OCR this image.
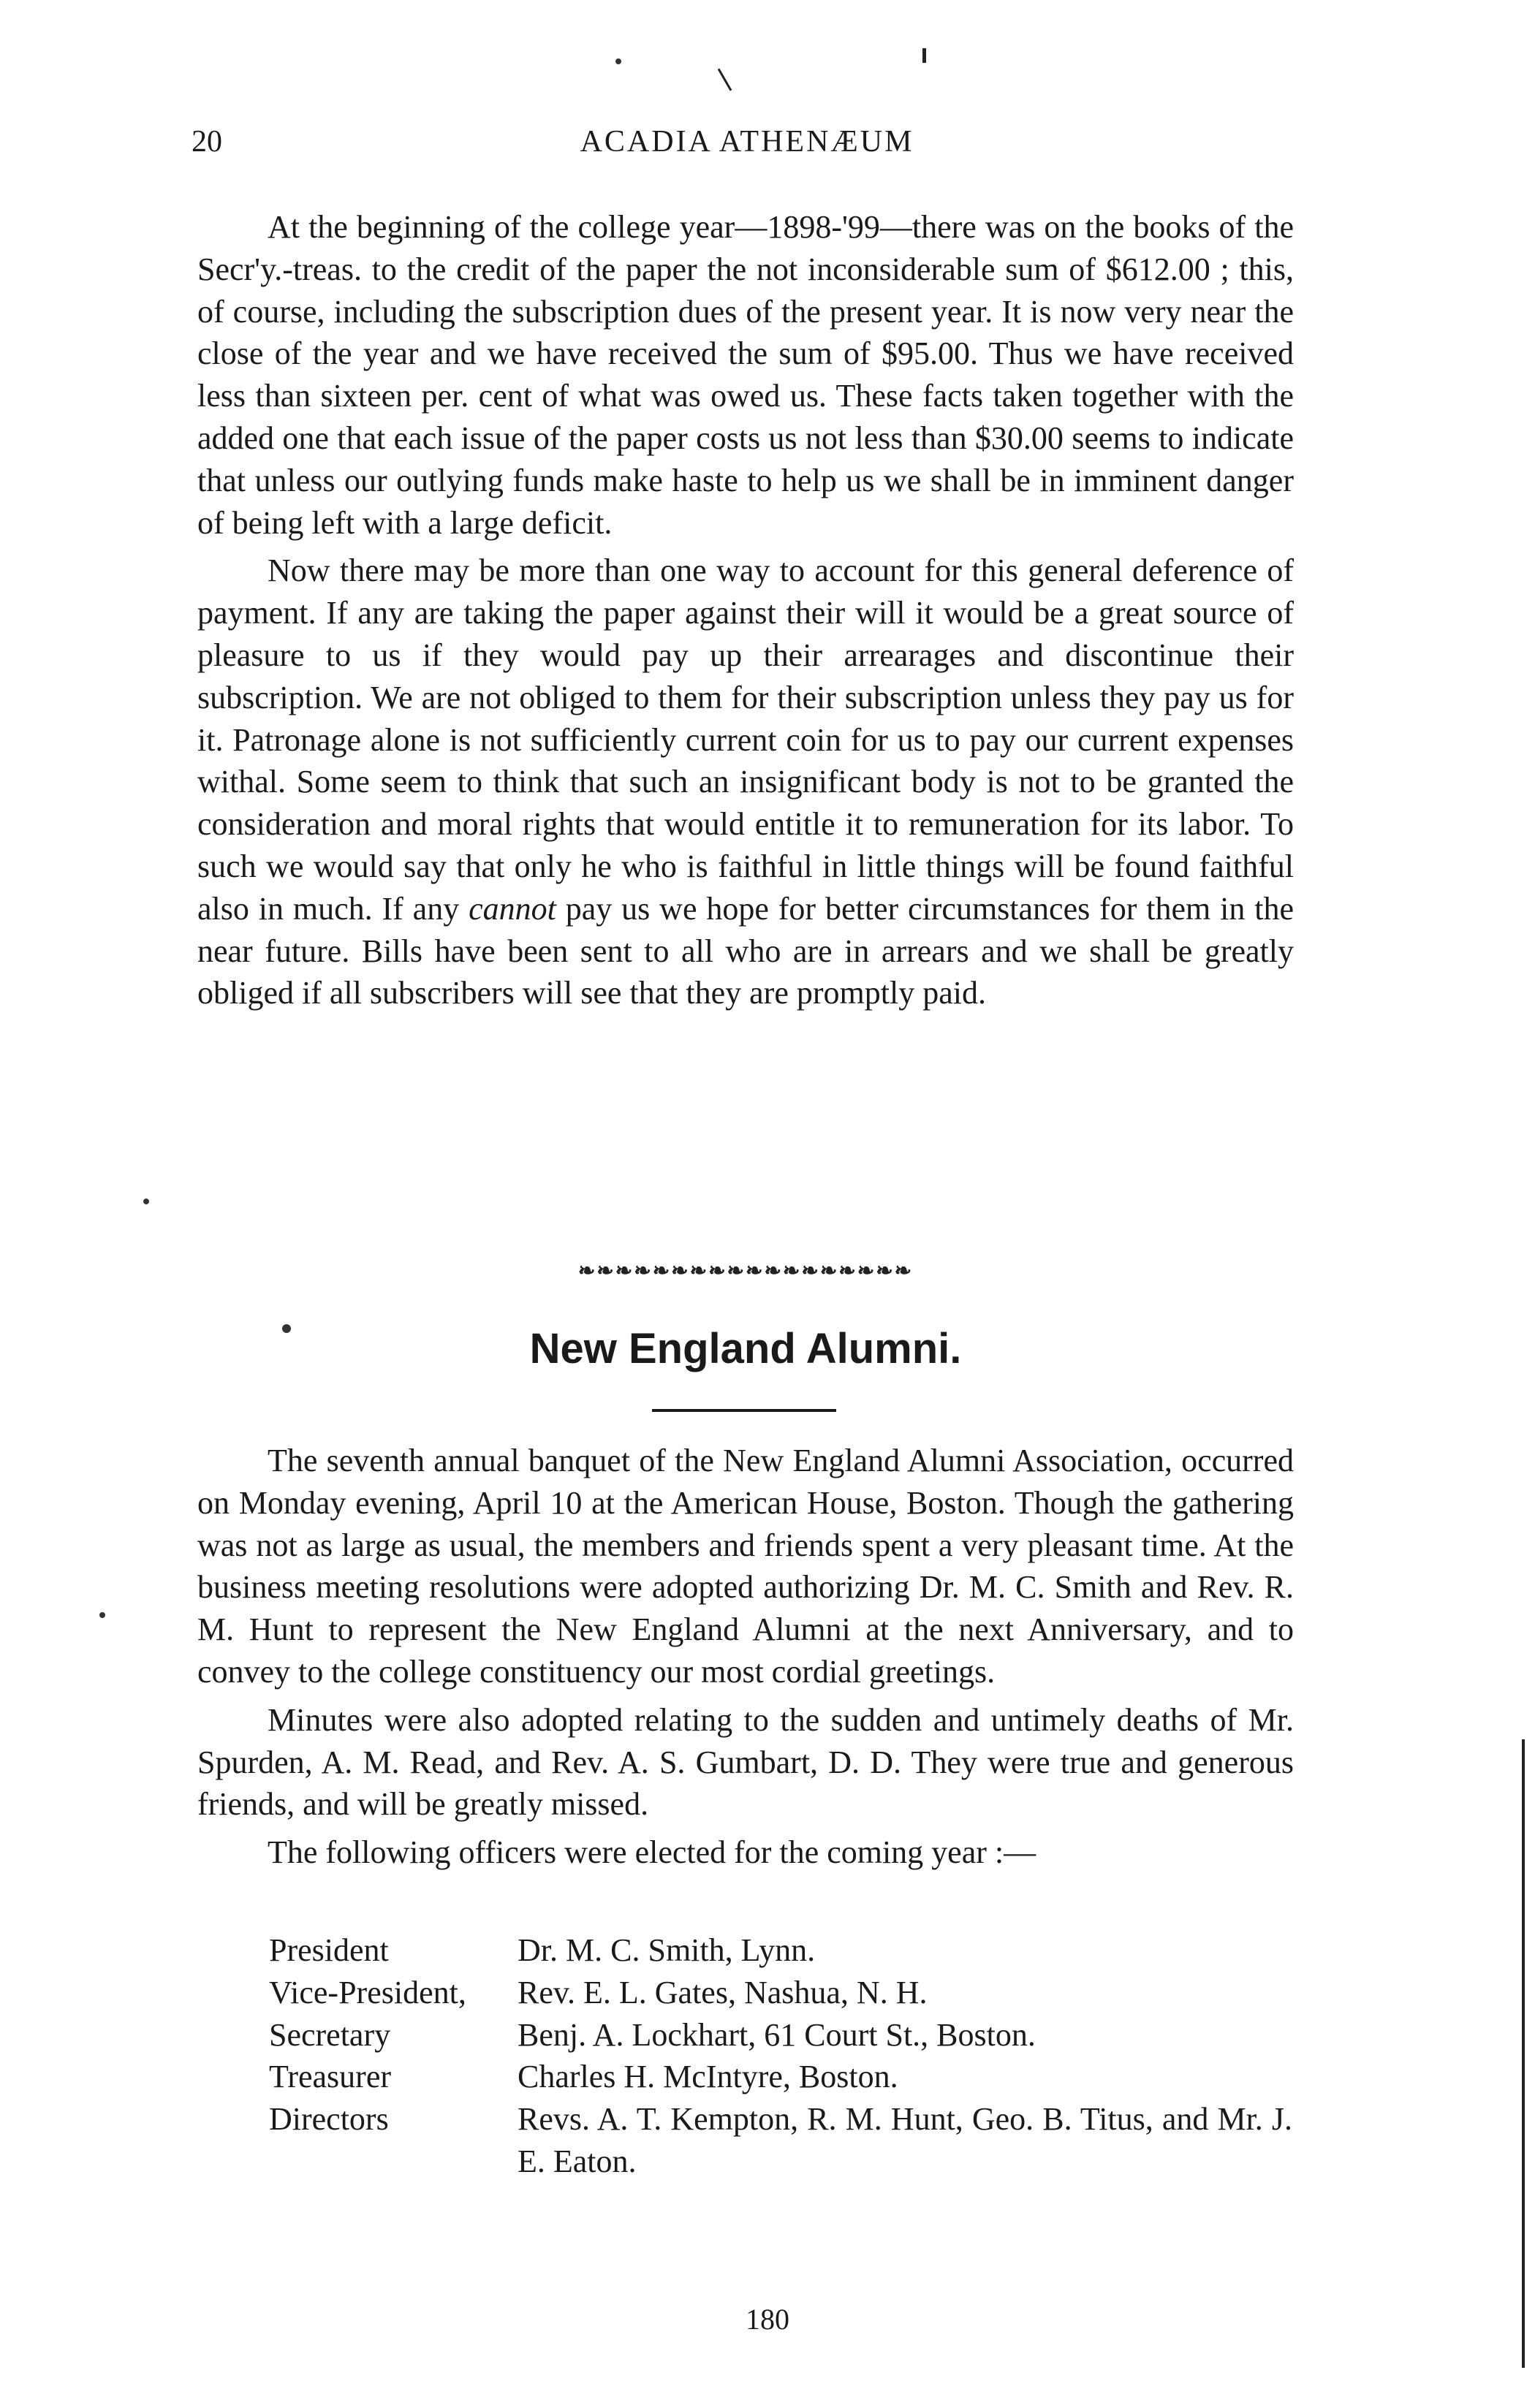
20	ACADIA ATHENÆUM

At the beginning of the college year—1898-'99—there was on the books of the Secr'y.-treas. to the credit of the paper the not inconsiderable sum of $612.00 ; this, of course, including the subscription dues of the present year. It is now very near the close of the year and we have received the sum of $95.00. Thus we have received less than sixteen per. cent of what was owed us. These facts taken together with the added one that each issue of the paper costs us not less than $30.00 seems to indicate that unless our outlying funds make haste to help us we shall be in imminent danger of being left with a large deficit.

Now there may be more than one way to account for this general deference of payment. If any are taking the paper against their will it would be a great source of pleasure to us if they would pay up their arrearages and discontinue their subscription. We are not obliged to them for their subscription unless they pay us for it. Patronage alone is not sufficiently current coin for us to pay our current expenses withal. Some seem to think that such an insignificant body is not to be granted the consideration and moral rights that would entitle it to remuneration for its labor. To such we would say that only he who is faithful in little things will be found faithful also in much. If any cannot pay us we hope for better circumstances for them in the near future. Bills have been sent to all who are in arrears and we shall be greatly obliged if all subscribers will see that they are promptly paid.

❧❧❧❧❧❧❧❧❧❧❧❧❧❧❧❧❧❧
New England Alumni.

The seventh annual banquet of the New England Alumni Association, occurred on Monday evening, April 10 at the American House, Boston. Though the gathering was not as large as usual, the members and friends spent a very pleasant time. At the business meeting resolutions were adopted authorizing Dr. M. C. Smith and Rev. R. M. Hunt to represent the New England Alumni at the next Anniversary, and to convey to the college constituency our most cordial greetings.

Minutes were also adopted relating to the sudden and untimely deaths of Mr. Spurden, A. M. Read, and Rev. A. S. Gumbart, D. D. They were true and generous friends, and will be greatly missed.

The following officers were elected for the coming year :—

President	Dr. M. C. Smith, Lynn.
Vice-President,	Rev. E. L. Gates, Nashua, N. H.
Secretary	Benj. A. Lockhart, 61 Court St., Boston.
Treasurer	Charles H. McIntyre, Boston.
Directors	Revs. A. T. Kempton, R. M. Hunt, Geo. B. Titus, and Mr. J. E. Eaton.
180
